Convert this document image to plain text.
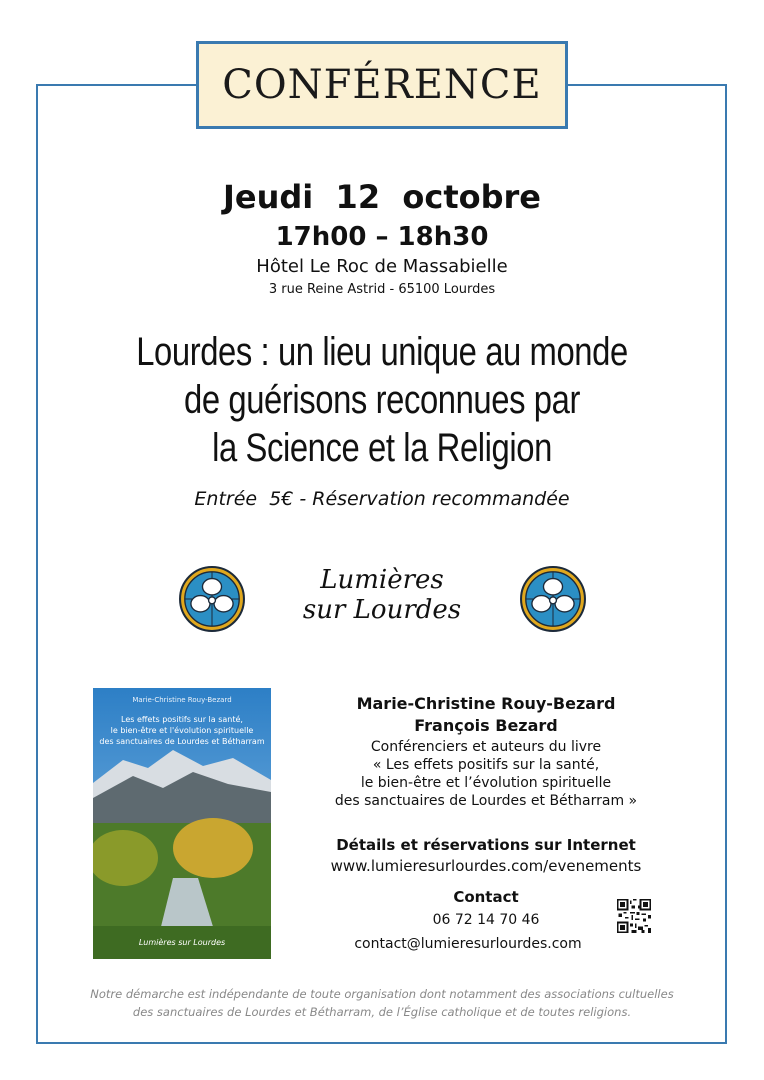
CONFÉRENCE
Jeudi  12  octobre
17h00 – 18h30
Hôtel Le Roc de Massabielle
3 rue Reine Astrid - 65100 Lourdes
Lourdes : un lieu unique au monde
de guérisons reconnues par
la Science et la Religion
Entrée  5€ - Réservation recommandée
Lumières
sur Lourdes
Marie-Christine Rouy-Bezard
Les effets positifs sur la santé,
le bien-être et l'évolution spirituelle
des sanctuaires de Lourdes et Bétharram
Lumières sur Lourdes
Marie-Christine Rouy-Bezard
François Bezard
Conférenciers et auteurs du livre
« Les effets positifs sur la santé,
le bien-être et l’évolution spirituelle
des sanctuaires de Lourdes et Bétharram »
Détails et réservations sur Internet
www.lumieresurlourdes.com/evenements
Contact
06 72 14 70 46
contact@lumieresurlourdes.com
Notre démarche est indépendante de toute organisation dont notamment des associations cultuelles
des sanctuaires de Lourdes et Bétharram, de l’Église catholique et de toutes religions.
